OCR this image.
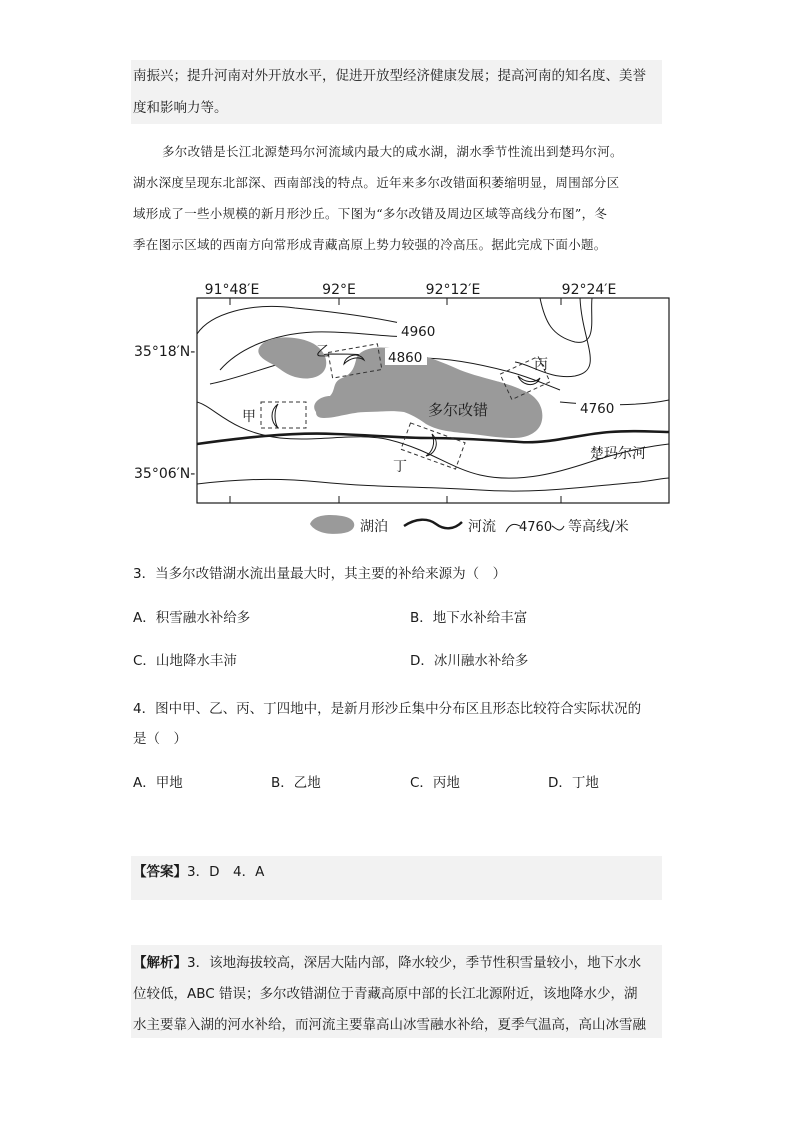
南振兴；提升河南对外开放水平，促进开放型经济健康发展；提高河南的知名度、美誉
度和影响力等。
多尔改错是长江北源楚玛尔河流域内最大的咸水湖，湖水季节性流出到楚玛尔河。
湖水深度呈现东北部深、西南部浅的特点。近年来多尔改错面积萎缩明显，周围部分区
域形成了一些小规模的新月形沙丘。下图为“多尔改错及周边区域等高线分布图”，冬
季在图示区域的西南方向常形成青藏高原上势力较强的冷高压。据此完成下面小题。
91°48′E	92°E	92°12′E	92°24′E
35°18′N-
35°06′N-
乙
丙
甲
丁
4960
4860
4760
多尔改错
楚玛尔河
湖泊	河流 4760 等高线/米
3．当多尔改错湖水流出量最大时，其主要的补给来源为（　）
A．积雪融水补给多	B．地下水补给丰富
C．山地降水丰沛	D．冰川融水补给多
4．图中甲、乙、丙、丁四地中，是新月形沙丘集中分布区且形态比较符合实际状况的
是（　）
A．甲地	B．乙地	C．丙地	D．丁地
【答案】3．D　4．A
【解析】3．该地海拔较高，深居大陆内部，降水较少，季节性积雪量较小，地下水水
位较低，ABC 错误；多尔改错湖位于青藏高原中部的长江北源附近，该地降水少，湖
水主要靠入湖的河水补给，而河流主要靠高山冰雪融水补给，夏季气温高，高山冰雪融
